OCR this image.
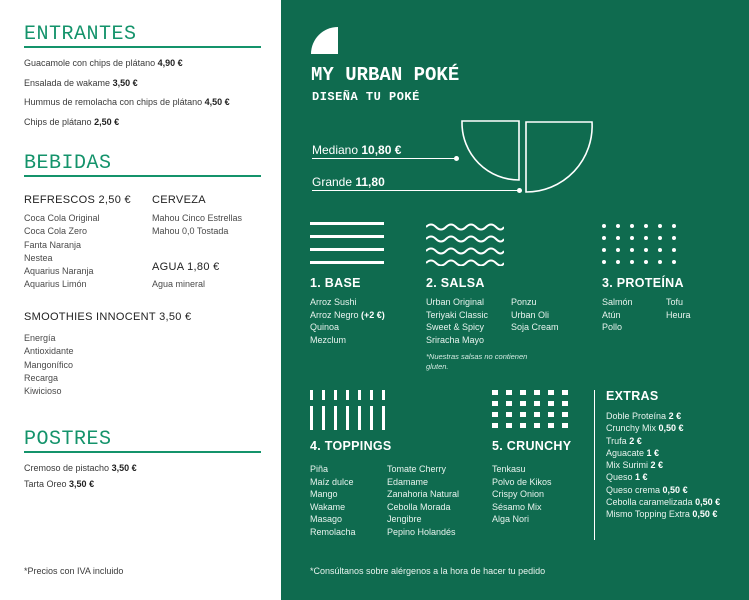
ENTRANTES
Guacamole con chips de plátano 4,90 €
Ensalada de wakame 3,50 €
Hummus de remolacha con chips de plátano 4,50 €
Chips de plátano 2,50 €
BEBIDAS
REFRESCOS 2,50 €
Coca Cola Original
Coca Cola Zero
Fanta Naranja
Nestea
Aquarius Naranja
Aquarius Limón
CERVEZA
Mahou Cinco Estrellas
Mahou 0,0 Tostada
AGUA 1,80 €
Agua mineral
SMOOTHIES INNOCENT 3,50 €
Energía
Antioxidante
Mangonífico
Recarga
Kiwicioso
POSTRES
Cremoso de pistacho 3,50 €
Tarta Oreo 3,50 €
*Precios con IVA incluido
MY URBAN POKÉ
DISEÑA TU POKÉ
Mediano 10,80 €
Grande 11,80
1. BASE
Arroz Sushi
Arroz Negro (+2 €)
Quinoa
Mezclum
2. SALSA
Urban Original
Teriyaki Classic
Sweet & Spicy
Sriracha Mayo
Ponzu
Urban Oli
Soja Cream
*Nuestras salsas no contienen gluten.
3. PROTEÍNA
Salmón
Atún
Pollo
Tofu
Heura
4. TOPPINGS
Piña
Maíz dulce
Mango
Wakame
Masago
Remolacha
Tomate Cherry
Edamame
Zanahoria Natural
Cebolla Morada
Jengibre
Pepino Holandés
5. CRUNCHY
Tenkasu
Polvo de Kikos
Crispy Onion
Sésamo Mix
Alga Nori
EXTRAS
Doble Proteína 2 €
Crunchy Mix 0,50 €
Trufa 2 €
Aguacate 1 €
Mix Surimi 2 €
Queso 1 €
Queso crema 0,50 €
Cebolla caramelizada 0,50 €
Mismo Topping Extra 0,50 €
*Consúltanos sobre alérgenos a la hora de hacer tu pedido
